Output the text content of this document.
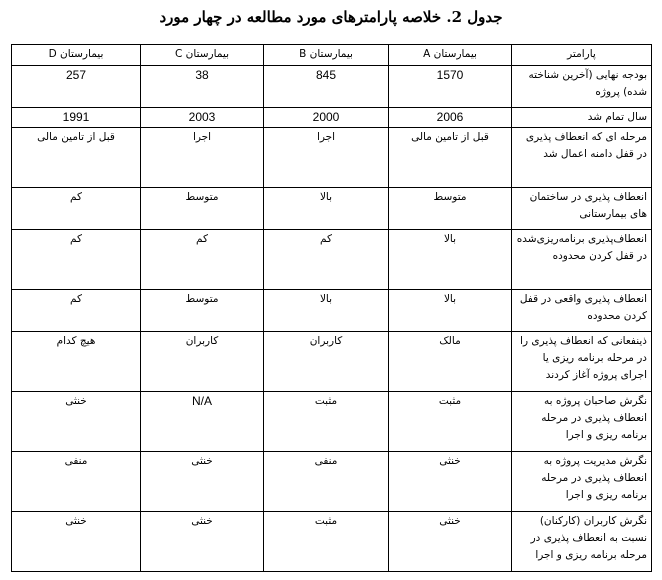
جدول 2. خلاصه پارامترهای مورد مطالعه در چهار مورد
پارامتر	بیمارستان A	بیمارستان B	بیمارستان C	بیمارستان D
بودجه نهایی (آخرین شناخته شده) پروژه	1570	845	38	257
سال تمام شد	2006	2000	2003	1991
مرحله ای که انعطاف پذیری در قفل دامنه اعمال شد	قبل از تامین مالی	اجرا	اجرا	قبل از تامین مالی
انعطاف پذیری در ساختمان های بیمارستانی	متوسط	بالا	متوسط	کم
انعطاف‌پذیری برنامه‌ریزی‌شده در قفل کردن محدوده	بالا	کم	کم	کم
انعطاف پذیری واقعی در قفل کردن محدوده	بالا	بالا	متوسط	کم
ذینفعانی که انعطاف پذیری را در مرحله برنامه ریزی یا اجرای پروژه آغاز کردند	مالک	کاربران	کاربران	هیچ کدام
نگرش صاحبان پروژه به انعطاف پذیری در مرحله برنامه ریزی و اجرا	مثبت	مثبت	N/A	خنثی
نگرش مدیریت پروژه به انعطاف پذیری در مرحله برنامه ریزی و اجرا	خنثی	منفی	خنثی	منفی
نگرش کاربران (کارکنان) نسبت به انعطاف پذیری در مرحله برنامه ریزی و اجرا	خنثی	مثبت	خنثی	خنثی
